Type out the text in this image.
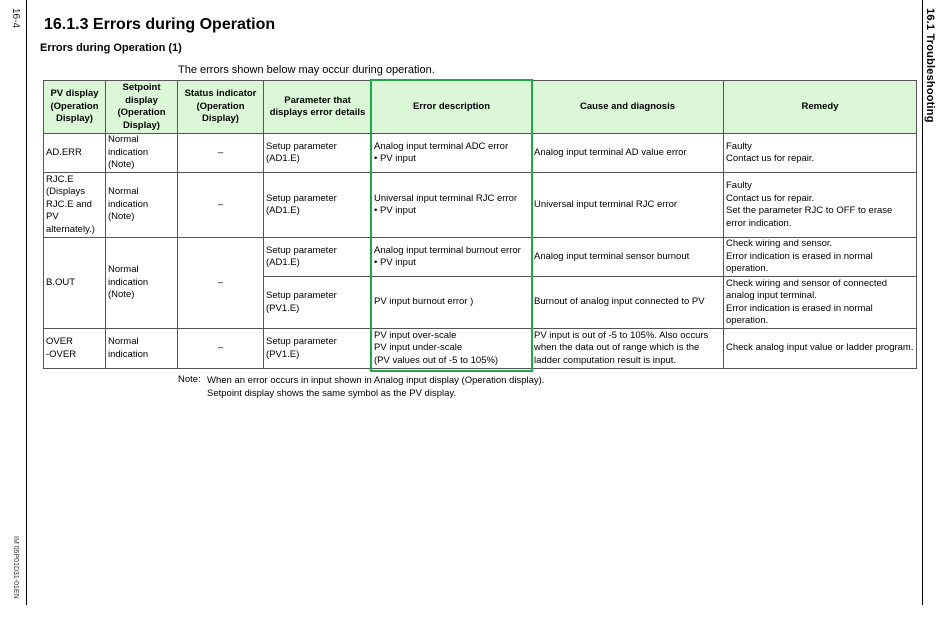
16-4	16.1 Troubleshooting
IM 05P01D31-01EN
16.1.3 Errors during Operation
Errors during Operation (1)
The errors shown below may occur during operation.
PV display (Operation Display)	Setpoint display (Operation Display)	Status indicator (Operation Display)	Parameter that displays error details	Error description	Cause and diagnosis	Remedy
AD.ERR	Normal indication (Note)	–	Setup parameter (AD1.E)	Analog input terminal ADC error
• PV input	Analog input terminal AD value error	Faulty
Contact us for repair.
RJC.E
(Displays RJC.E and PV alternately.)	Normal indication (Note)	–	Setup parameter (AD1.E)	Universal input terminal RJC error
• PV input	Universal input terminal RJC error	Faulty
Contact us for repair.
Set the parameter RJC to OFF to erase error indication.
B.OUT	Normal indication (Note)	–	Setup parameter (AD1.E)	Analog input terminal burnout error
• PV input	Analog input terminal sensor burnout	Check wiring and sensor.
Error indication is erased in normal operation.
			Setup parameter (PV1.E)	PV input burnout error )	Burnout of analog input connected to PV	Check wiring and sensor of connected analog input terminal.
Error indication is erased in normal operation.
OVER
-OVER	Normal indication	–	Setup parameter (PV1.E)	PV input over-scale
PV input under-scale
(PV values out of -5 to 105%)	PV input is out of -5 to 105%. Also occurs when the data out of range which is the ladder computation result is input.	Check analog input value or ladder program.
Note: When an error occurs in input shown in Analog input display (Operation display).
Setpoint display shows the same symbol as the PV display.
